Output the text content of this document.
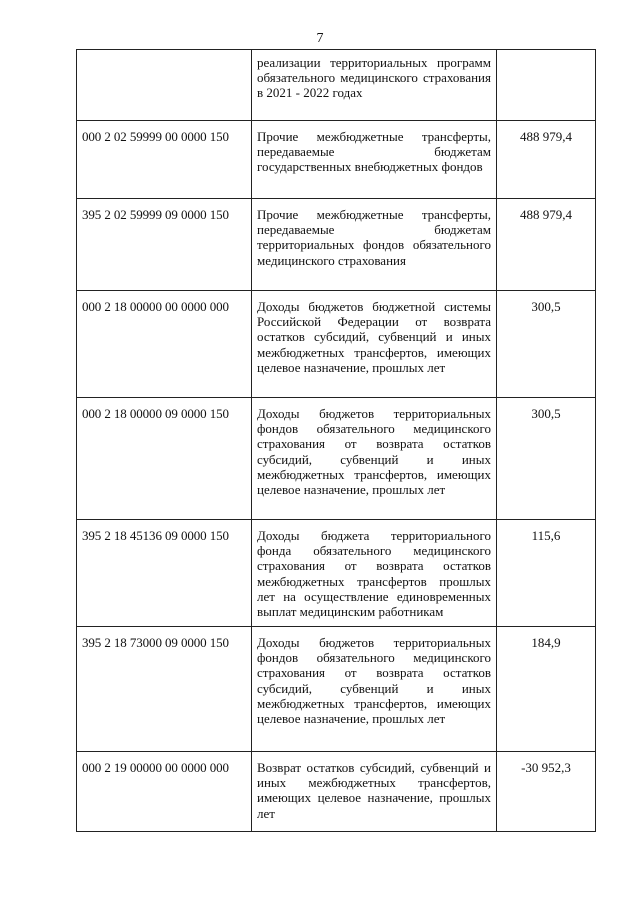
7
	реализации территориальных программ обязательного медицинского страхования в 2021 - 2022 годах	
000 2 02 59999 00 0000 150	Прочие межбюджетные трансферты, передаваемые бюджетам государственных внебюджетных фондов	488 979,4
395 2 02 59999 09 0000 150	Прочие межбюджетные трансферты, передаваемые бюджетам территориальных фондов обязательного медицинского страхования	488 979,4
000 2 18 00000 00 0000 000	Доходы бюджетов бюджетной системы Российской Федерации от возврата остатков субсидий, субвенций и иных межбюджетных трансфертов, имеющих целевое назначение, прошлых лет	300,5
000 2 18 00000 09 0000 150	Доходы бюджетов территориальных фондов обязательного медицинского страхования от возврата остатков субсидий, субвенций и иных межбюджетных трансфертов, имеющих целевое назначение, прошлых лет	300,5
395 2 18 45136 09 0000 150	Доходы бюджета территориального фонда обязательного медицинского страхования от возврата остатков межбюджетных трансфертов прошлых лет на осуществление единовременных выплат медицинским работникам	115,6
395 2 18 73000 09 0000 150	Доходы бюджетов территориальных фондов обязательного медицинского страхования от возврата остатков субсидий, субвенций и иных межбюджетных трансфертов, имеющих целевое назначение, прошлых лет	184,9
000 2 19 00000 00 0000 000	Возврат остатков субсидий, субвенций и иных межбюджетных трансфертов, имеющих целевое назначение, прошлых лет	-30 952,3
